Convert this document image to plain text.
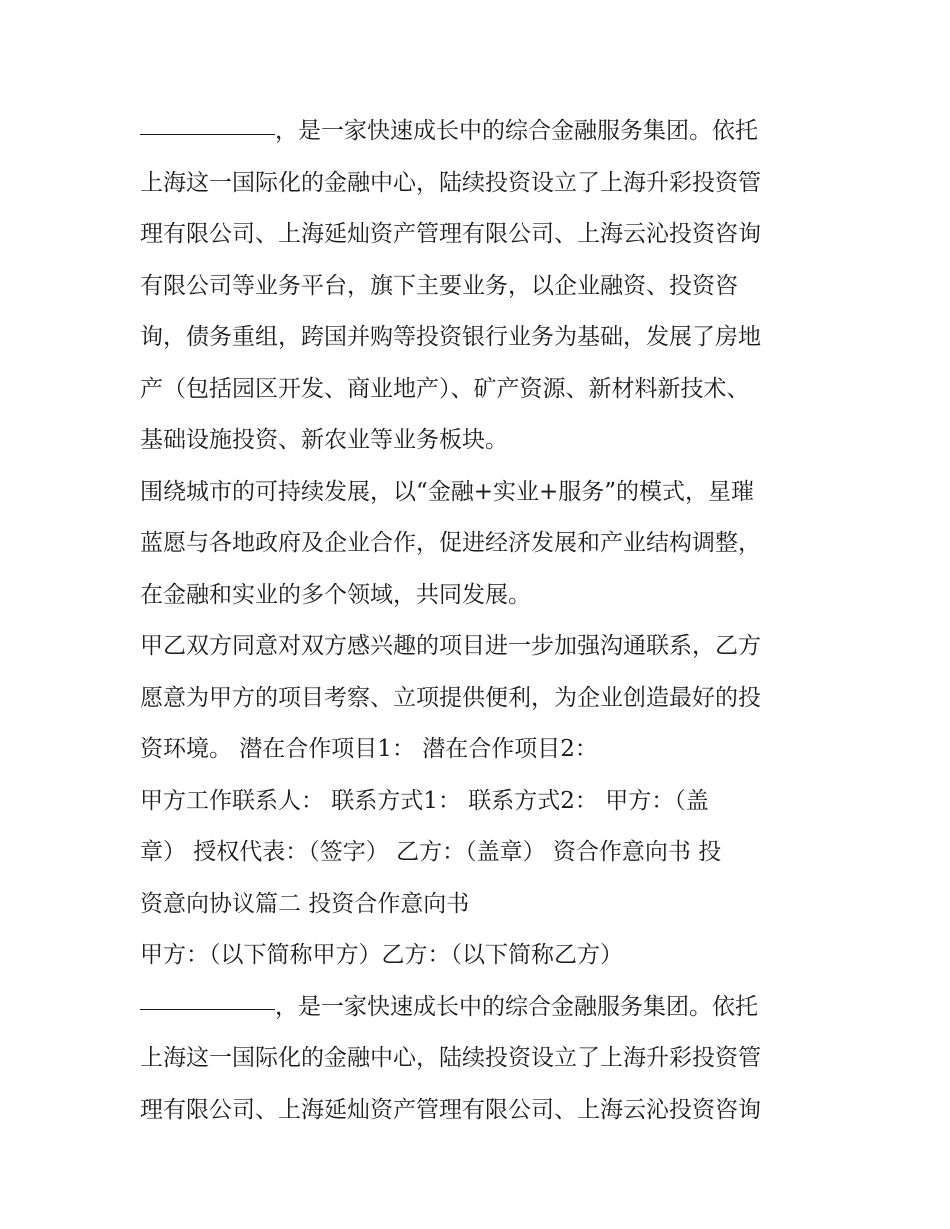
，是一家快速成长中的综合金融服务集团。依托
上海这一国际化的金融中心，陆续投资设立了上海升彩投资管
理有限公司、上海延灿资产管理有限公司、上海云沁投资咨询
有限公司等业务平台，旗下主要业务，以企业融资、投资咨
询，债务重组，跨国并购等投资银行业务为基础，发展了房地
产（包括园区开发、商业地产）、矿产资源、新材料新技术、
基础设施投资、新农业等业务板块。
围绕城市的可持续发展，以“金融+实业+服务”的模式，星璀
蓝愿与各地政府及企业合作，促进经济发展和产业结构调整，
在金融和实业的多个领域，共同发展。
甲乙双方同意对双方感兴趣的项目进一步加强沟通联系，乙方
愿意为甲方的项目考察、立项提供便利，为企业创造最好的投
资环境。 潜在合作项目1： 潜在合作项目2：
甲方工作联系人： 联系方式1： 联系方式2： 甲方：（盖
章） 授权代表：（签字） 乙方：（盖章） 资合作意向书 投
资意向协议篇二 投资合作意向书
甲方：（以下简称甲方）乙方：（以下简称乙方）
，是一家快速成长中的综合金融服务集团。依托
上海这一国际化的金融中心，陆续投资设立了上海升彩投资管
理有限公司、上海延灿资产管理有限公司、上海云沁投资咨询
